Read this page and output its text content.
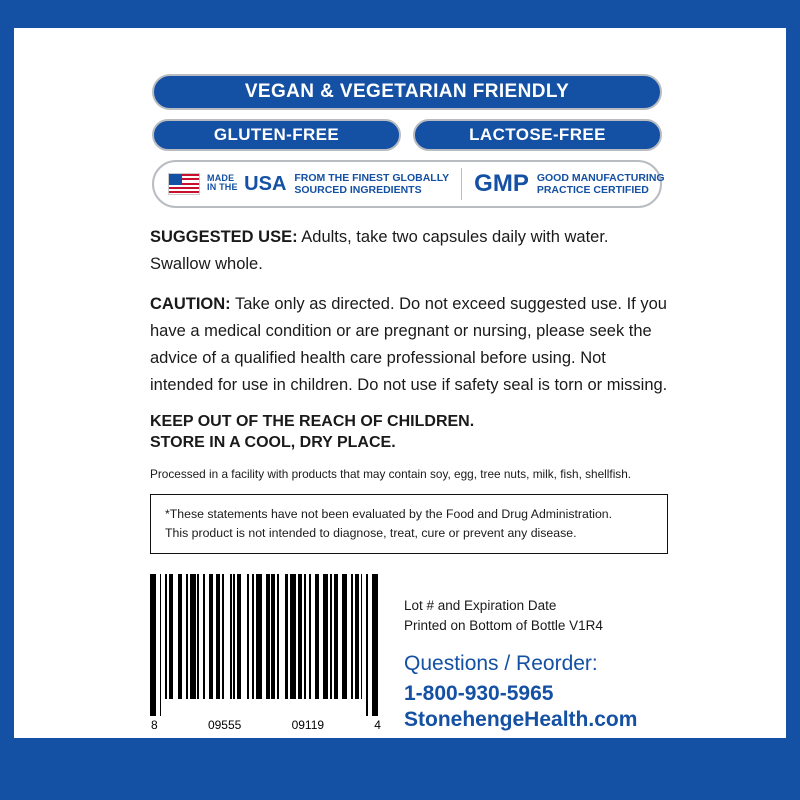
VEGAN & VEGETARIAN FRIENDLY
GLUTEN-FREE	LACTOSE-FREE
MADE
IN THE USA FROM THE FINEST GLOBALLY
SOURCED INGREDIENTS	GMP GOOD MANUFACTURING
PRACTICE CERTIFIED

SUGGESTED USE: Adults, take two capsules daily with water. Swallow whole.

CAUTION: Take only as directed. Do not exceed suggested use. If you have a medical condition or are pregnant or nursing, please seek the advice of a qualified health care professional before using. Not intended for use in children. Do not use if safety seal is torn or missing.

KEEP OUT OF THE REACH OF CHILDREN.
STORE IN A COOL, DRY PLACE.
Processed in a facility with products that may contain soy, egg, tree nuts, milk, fish, shellfish.
*These statements have not been evaluated by the Food and Drug Administration.
This product is not intended to diagnose, treat, cure or prevent any disease.
8	09555	09119	4
Lot # and Expiration Date
Printed on Bottom of Bottle V1R4
Questions / Reorder:
1-800-930-5965
StonehengeHealth.com
